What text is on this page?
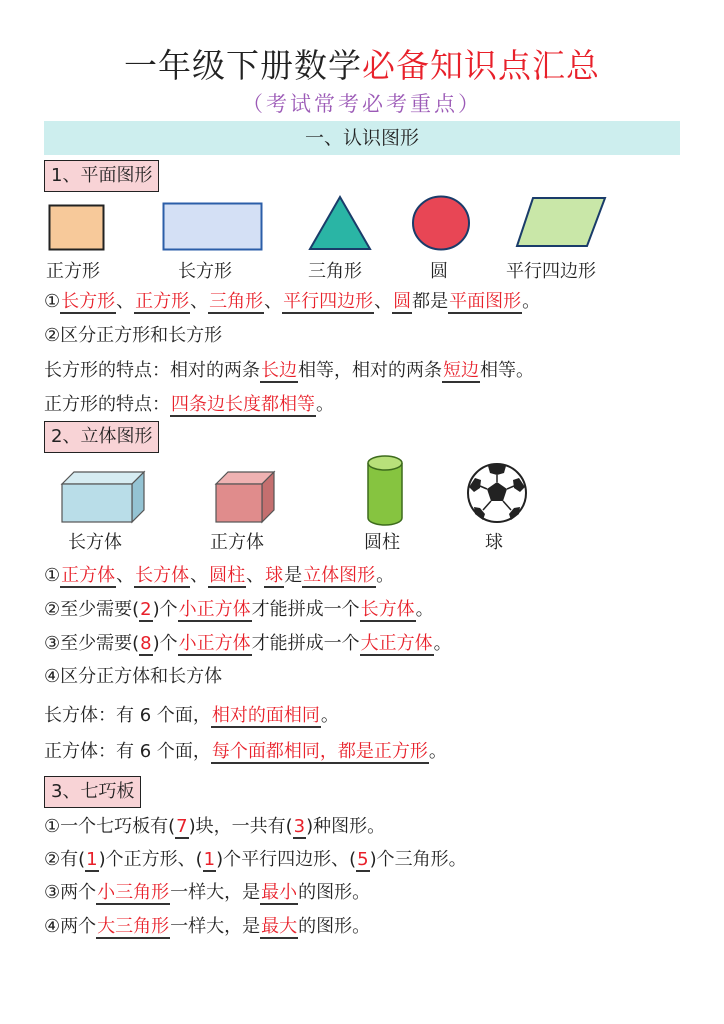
一年级下册数学必备知识点汇总
（考试常考必考重点）
一、认识图形
1、平面图形
正方形	长方形	三角形	圆	平行四边形
①长方形、正方形、三角形、平行四边形、圆都是平面图形。
②区分正方形和长方形
长方形的特点：相对的两条长边相等，相对的两条短边相等。
正方形的特点：四条边长度都相等。
2、立体图形
长方体	正方体	圆柱	球
①正方体、长方体、圆柱、球是立体图形。
②至少需要(2)个小正方体才能拼成一个长方体。
③至少需要(8)个小正方体才能拼成一个大正方体。
④区分正方体和长方体
长方体：有 6 个面，相对的面相同。
正方体：有 6 个面，每个面都相同，都是正方形。
3、七巧板
①一个七巧板有(7)块，一共有(3)种图形。
②有(1)个正方形、(1)个平行四边形、(5)个三角形。
③两个小三角形一样大，是最小的图形。
④两个大三角形一样大，是最大的图形。
